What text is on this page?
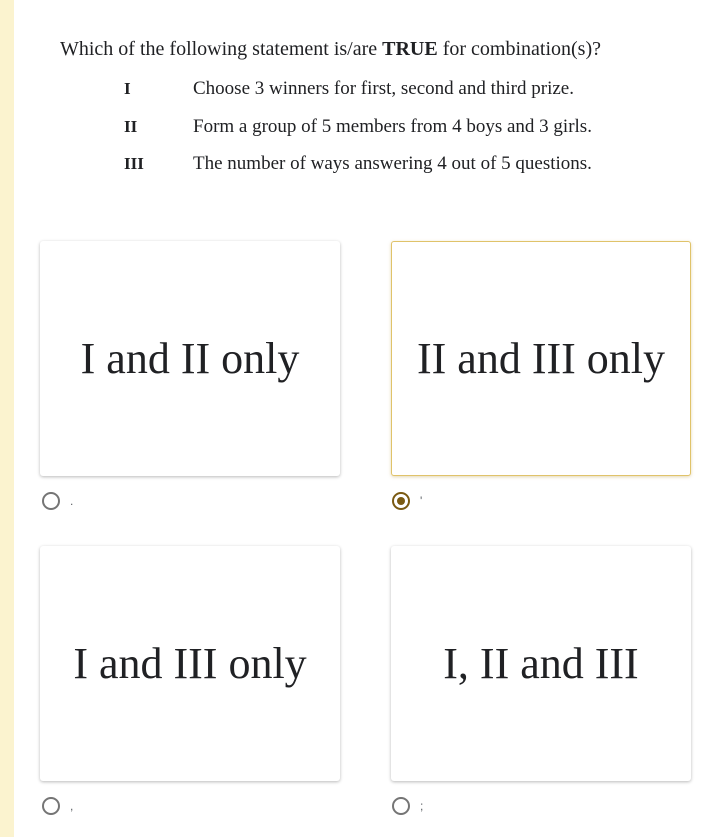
Which of the following statement is/are TRUE for combination(s)?
I	Choose 3 winners for first, second and third prize.
II	Form a group of 5 members from 4 boys and 3 girls.
III	The number of ways answering 4 out of 5 questions.
I and II only	II and III only
.	'
I and III only	I, II and III
,	;
